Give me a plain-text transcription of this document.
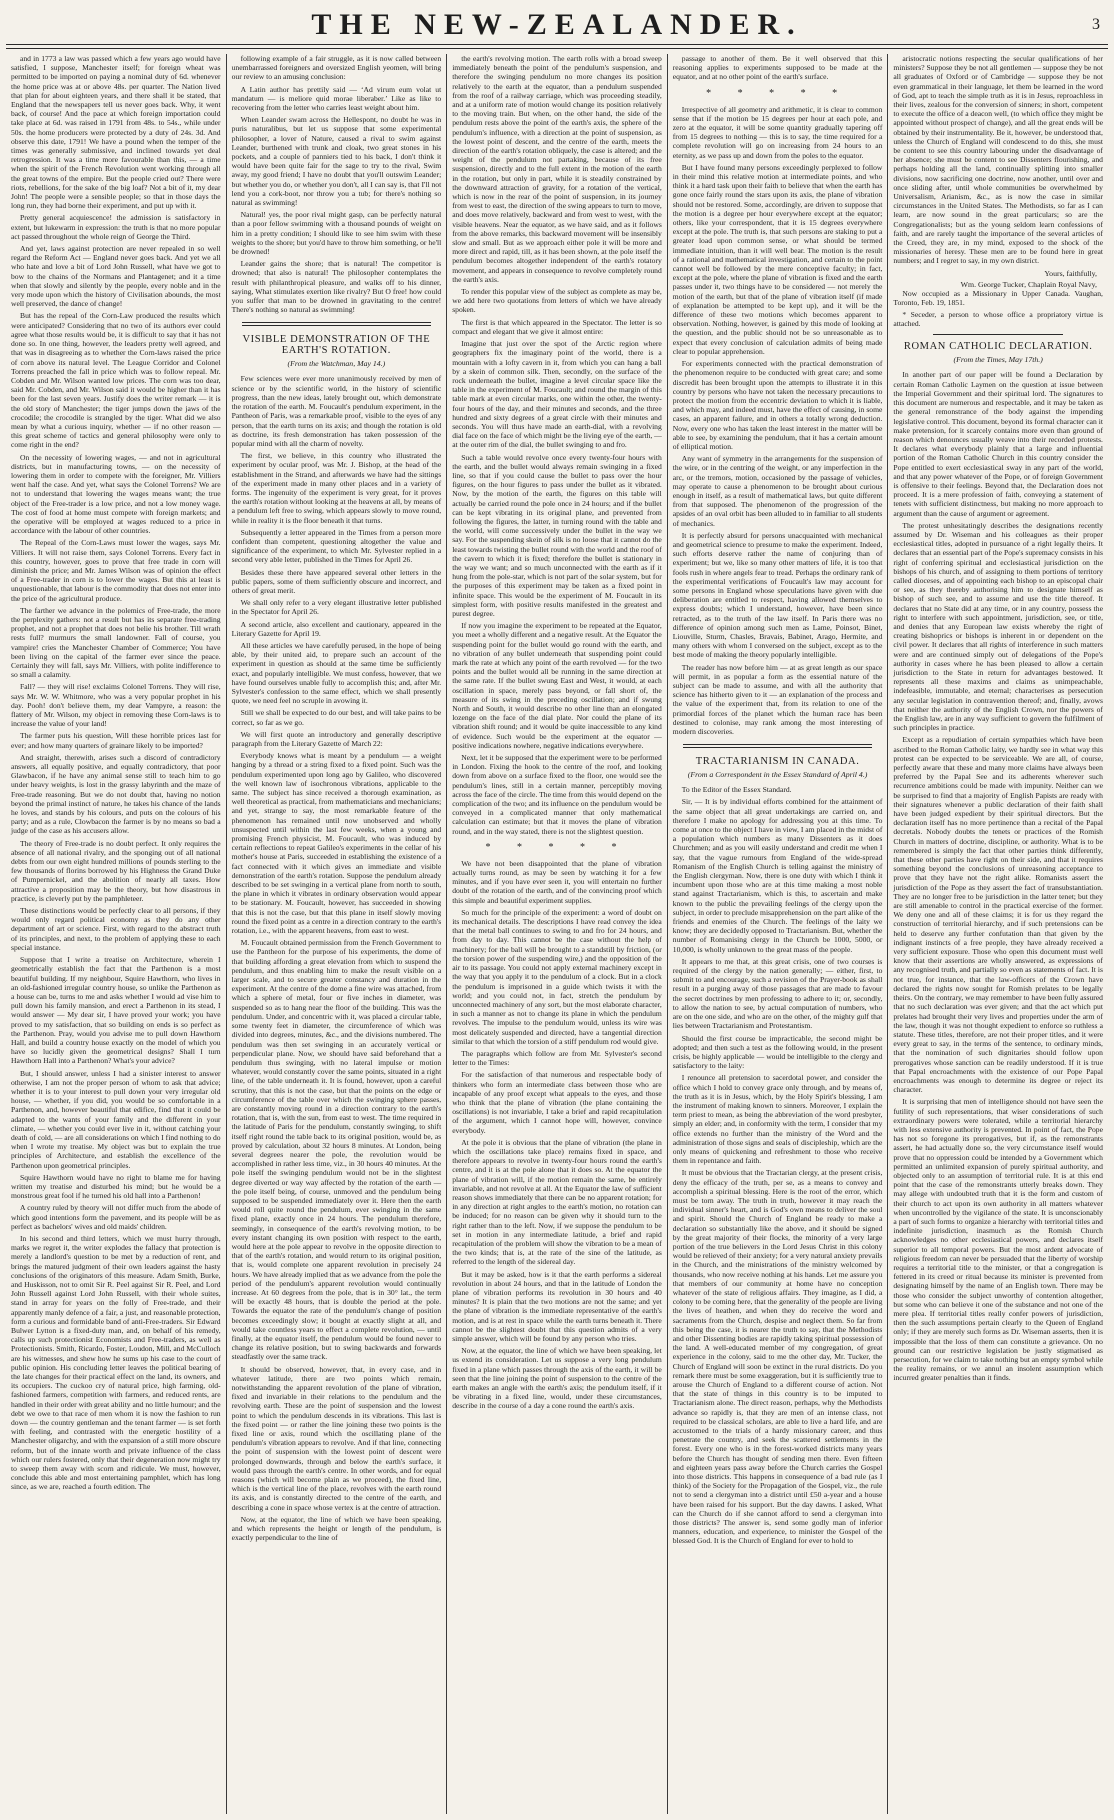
THE NEW-ZEALANDER.	3

and in 1773 a law was passed which a few years ago would have satisfied, I suppose, Manchester itself; for foreign wheat was permitted to be imported on paying a nominal duty of 6d. whenever the home price was at or above 48s. per quarter. The Nation lived that plan for about eighteen years, and there shall it be stated, that England that the newspapers tell us never goes back. Why, it went back, of course! And the pace at which foreign importation could take place at 6d. was raised in 1791 from 48s. to 54s., while under 50s. the home producers were protected by a duty of 24s. 3d. And observe this date, 1791! We have a pound when the temper of the times was generally submissive, and inclined towards yet deal retrogression. It was a time more favourable than this, — a time when the spirit of the French Revolution went working through all the great towns of the empire. But the people cried out? There were riots, rebellions, for the sake of the big loaf? Not a bit of it, my dear John! The people were a sensible people; so that in those days the long run, they had borne their experiment, and put up with it.

Pretty general acquiescence! the admission is satisfactory in extent, but lukewarm in expression: the truth is that no more popular act passed throughout the whole reign of George the Third.

And yet, laws against protection are never repealed in so well regard the Reform Act — England never goes back. And yet we all who hate and love a bit of Lord John Russell, what have we got to bow to the chains of the Normans and Plantagenet; and it a time when that slowly and silently by the people, every noble and in the very mode upon which the history of Civilisation abounds, the most well preserved, the dance of change!

But has the repeal of the Corn-Law produced the results which were anticipated? Considering that no two of its authors ever could agree what those results would be, it is difficult to say that it has not done so. In one thing, however, the leaders pretty well agreed, and that was in disagreeing as to whether the Corn-laws raised the price of corn above its natural level. The League Corridor and Colonel Torrens preached the fall in price which was to follow repeal. Mr. Cobden and Mr. Wilson wanted low prices. The corn was too dear, said Mr. Cobden, and Mr. Wilson said it would be higher than it has been for the last seven years. Justify does the writer remark — it is the old story of Manchester; the tiger jumps down the jaws of the crocodile; the crocodile is strangled by the tiger. What did we also mean by what a curious inquiry, whether — if no other reason — this great scheme of tactics and general philosophy were only to come right in the end?

On the necessity of lowering wages, — and not in agricultural districts, but in manufacturing towns, — on the necessity of lowering them in order to compete with the foreigner, Mr. Villiers went half the case. And yet, what says the Colonel Torrens? We are not to understand that lowering the wages means want; the true object of the Free-trader is a low price, and not a low money wage. The cost of food at home must compete with foreign markets; and the operative will be employed at wages reduced to a price in accordance with the labour of other countries.

The Repeal of the Corn-Laws must lower the wages, says Mr. Villiers. It will not raise them, says Colonel Torrens. Every fact in this country, however, goes to prove that free trade in corn will diminish the price; and Mr. James Wilson was of opinion the effect of a Free-trader in corn is to lower the wages. But this at least is unquestionable, that labour is the commodity that does not enter into the price of the agricultural produce.

The farther we advance in the polemics of Free-trade, the more the perplexity gathers: not a result but has its separate free-trading prophet, and not a prophet that does not belie his brother. Till wrath rests full? murmurs the small landowner. Fall of course, you vampire! cries the Manchester Chamber of Commerce; You have been living on the capital of the farmer ever since the peace. Certainly they will fall, says Mr. Villiers, with polite indifference to so small a calamity.

Fall? — they will rise! exclaims Colonel Torrens. They will rise, says Mr. W. W. Whitmore, who was a very popular prophet in his day. Pooh! don't believe them, my dear Vampyre, a reason: the flattery of Mr. Wilson, my object in removing these Corn-laws is to increase the value of your land!

The farmer puts his question, Will these horrible prices last for ever; and how many quarters of grainare likely to be imported?

And straight, therewith, arises such a discord of contradictory answers, all equally positive, and equally contradictory, that poor Glawbacon, if he have any animal sense still to teach him to go under heavy weights, is lost in the grassy labyrinth and the maze of Free-trade reasoning. But we do not doubt that, having no notion beyond the primal instinct of nature, he takes his chance of the lands he loves, and stands by his colours, and puts on the colours of his party; and as a rule, Clowbacon the farmer is by no means so bad a judge of the case as his accusers allow.

The theory of Free-trade is no doubt perfect. It only requires the absence of all national rivalry, and the sponging out of all national debts from our own eight hundred millions of pounds sterling to the few thousands of florins borrowed by his Highness the Grand Duke of Pumpernickel, and the abolition of nearly all taxes. How attractive a proposition may be the theory, but how disastrous in practice, is cleverly put by the pamphleteer.

These distinctions would be perfectly clear to all persons, if they would only regard political economy as they do any other department of art or science. First, with regard to the abstract truth of its principles, and next, to the problem of applying these to each special instance.

Suppose that I write a treatise on Architecture, wherein I geometrically establish the fact that the Parthenon is a most beautiful building. If my neighbour, Squire Hawthorn, who lives in an old-fashioned irregular country house, so unlike the Parthenon as a house can be, turns to me and asks whether I would ad vise him to pull down his family mansion, and erect a Parthenon in its stead, I would answer — My dear sir, I have proved your work; you have proved to my satisfaction, that so building on ends is so perfect as the Parthenon. Pray, would you advise me to pull down Hawthorn Hall, and build a country house exactly on the model of which you have so lucidly given the geometrical designs? Shall I turn Hawthorn Hall into a Parthenon? What's your advice?

But, I should answer, unless I had a sinister interest to answer otherwise, I am not the proper person of whom to ask that advice; whether it is to your interest to pull down your very irregular old house, — whether, if you did, you would be so comfortable in a Parthenon, and, however beautiful that edifice, find that it could be adapted to the wants of your family and the different in your climate, — whether you could ever live in it, without catching your death of cold, — are all considerations on which I find nothing to do when I wrote my treatise. My object was but to explain the true principles of Architecture, and establish the excellence of the Parthenon upon geometrical principles.

Squire Hawthorn would have no right to blame me for having written my treatise and disturbed his mind; but he would be a monstrous great fool if he turned his old hall into a Parthenon!

A country ruled by theory will not differ much from the abode of which good intentions form the pavement, and its people will be as perfect as bachelors' wives and old maids' children.

In his second and third letters, which we must hurry through, marks we regret it, the writer explodes the fallacy that protection is merely a landlord's question to be met by a reduction of rent, and brings the matured judgment of their own leaders against the hasty conclusions of the originators of this measure. Adam Smith, Burke, and Huskisson, not to omit Sir R. Peel against Sir R. Peel, and Lord John Russell against Lord John Russell, with their whole suites, stand in array for years on the folly of Free-trade, and their apparently manly defence of a fair, a just, and reasonable protection, form a curious and formidable band of anti-Free-traders. Sir Edward Bulwer Lytton is a fixed-duty man, and, on behalf of his remedy, calls up such protectionist Economists and Free-traders, as well as Protectionists. Smith, Ricardo, Foster, Loudon, Mill, and McCulloch are his witnesses, and shew how he sums up his case to the court of public opinion. His concluding letter leaves the political bearing of the late changes for their practical effect on the land, its owners, and its occupiers. The cuckoo cry of natural price, high farming, old-fashioned farmers, competition with farmers, and reduced rents, are handled in their order with great ability and no little humour; and the debt we owe to that race of men whom it is now the fashion to run down — the country gentleman and the tenant farmer — is set forth with feeling, and contrasted with the energetic hostility of a Manchester oligarchy, and with the expansion of a still more obscure reform, but of the innate worth and private influence of the class which our rulers fostered, only that their degeneration now might try to sweep them away with scorn and ridicule. We must, however, conclude this able and most entertaining pamphlet, which has long since, as we are, reached a fourth edition. The

following example of a fair struggle, as it is now called between unembarrassed foreigners and oversized English yeomen, will bring our review to an amusing conclusion:

A Latin author has prettily said — ‘Ad virum eum volat ut mandatum — is meliore quid morae liberaber.’ Like as like to recovering from the letter who carries least weight about him.

When Leander swam across the Hellespont, no doubt he was in puris naturalibus, but let us suppose that some experimental philosopher, a lover of Nature, caused a rival to swim against Leander, burthened with trunk and cloak, two great stones in his pockets, and a couple of panniers tied to his back, I don't think it would have been quite fair for the sage to try to the rival, Swim away, my good friend; I have no doubt that you'll outswim Leander; but whether you do, or whether you don't, all I can say is, that I'll not lend you a cork-boot, nor throw you a tub; for there's nothing so natural as swimming!

Natural! yes, the poor rival might gasp, can be perfectly natural than a poor fellow swimming with a thousand pounds of weight on him in a pretty condition; I should like to see him swim with these weights to the shore; but you'd have to throw him something, or he'll be drowned!

Leander gains the shore; that is natural! The competitor is drowned; that also is natural! The philosopher contemplates the result with philanthropical pleasure, and walks off to his dinner, saying, What stimulates exertion like rivalry? But O free! how could you suffer that man to be drowned in gravitating to the centre! There's nothing so natural as swimming!

VISIBLE DEMONSTRATION OF THE EARTH'S ROTATION.
(From the Watchman, May 14.)

Few sciences were ever more unanimously received by men of science or by the scientific world, in the history of scientific progress, than the new ideas, lately brought out, which demonstrate the rotation of the earth. M. Foucault's pendulum experiment, in the Pantheon of Paris, was a remarkable proof, visible to the eyes of any person, that the earth turns on its axis; and though the rotation is old as doctrine, its fresh demonstration has taken possession of the popular mind with all the charm of novelty.

The first, we believe, in this country who illustrated the experiment by ocular proof, was Mr. J. Bishop, at the head of the establishment in the Strand, and afterwards we have had the sittings of the experiment made in many other places and in a variety of forms. The ingenuity of the experiment is very great, for it proves the earth's rotation without looking at the heavens at all, by means of a pendulum left free to swing, which appears slowly to move round, while in reality it is the floor beneath it that turns.

Subsequently a letter appeared in the Times from a person more confident than competent, questioning altogether the value and significance of the experiment, to which Mr. Sylvester replied in a second very able letter, published in the Times for April 26.

Besides these there have appeared several other letters in the public papers, some of them sufficiently obscure and incorrect, and others of great merit.

We shall only refer to a very elegant illustrative letter published in the Spectator for April 26.

A second article, also excellent and cautionary, appeared in the Literary Gazette for April 19.

All these articles we have carefully perused, in the hope of being able, by their united aid, to prepare such an account of the experiment in question as should at the same time be sufficiently exact, and popularly intelligible. We must confess, however, that we have found ourselves unable fully to accomplish this; and, after Mr. Sylvester's confession to the same effect, which we shall presently quote, we need feel no scruple in avowing it.

Still we shall be expected to do our best, and will take pains to be correct, so far as we go.

We will first quote an introductory and generally descriptive paragraph from the Literary Gazette of March 22:

Everybody knows what is meant by a pendulum — a weight hanging by a thread or a string fixed to a fixed point. Such was the pendulum experimented upon long ago by Galileo, who discovered the well known law of isochronous vibrations, applicable to the same. The subject has since received a thorough examination, as well theoretical as practical, from mathematicians and mechanicians; and yet, strange to say, the most remarkable feature of the phenomenon has remained until now unobserved and wholly unsuspected until within the last few weeks, when a young and promising French physicist, M. Foucault, who was induced by certain reflections to repeat Galileo's experiments in the cellar of his mother's house at Paris, succeeded in establishing the existence of a fact connected with it which gives an immediate and visible demonstration of the earth's rotation. Suppose the pendulum already described to be set swinging in a vertical plane from north to south, the plane in which it vibrates in ordinary observation would appear to be stationary. M. Foucault, however, has succeeded in showing that this is not the case, but that this plane in itself slowly moving round the fixed point as a centre in a direction contrary to the earth's rotation, i.e., with the apparent heavens, from east to west.

M. Foucault obtained permission from the French Government to use the Pantheon for the purpose of his experiments, the dome of that building affording a great elevation from which to suspend the pendulum, and thus enabling him to make the result visible on a larger scale, and to secure greater constancy and duration in the experiment. At the centre of the dome a fine wire was attached, from which a sphere of metal, four or five inches in diameter, was suspended so as to hang near the floor of the building. This was the pendulum. Under, and concentric with it, was placed a circular table, some twenty feet in diameter, the circumference of which was divided into degrees, minutes, &c., and the divisions numbered. The pendulum was then set swinging in an accurately vertical or perpendicular plane. Now, we should have said beforehand that a pendulum thus swinging, with no lateral impulse or motion whatever, would constantly cover the same points, situated in a right line, of the table underneath it. It is found, however, upon a careful scrutiny, that this is not the case, but that the points on the edge or circumference of the table over which the swinging sphere passes, are constantly moving round in a direction contrary to the earth's rotation, that is, with the sun, from east to west. The time required in the latitude of Paris for the pendulum, constantly swinging, to shift itself right round the table back to its original position, would be, as proved by calculation, about 32 hours 8 minutes. At London, being several degrees nearer the pole, the revolution would be accomplished in rather less time, viz., in 30 hours 40 minutes. At the pole itself the swinging pendulum would not be in the slightest degree diverted or way way affected by the rotation of the earth — the pole itself being, of course, unmoved and the pendulum being supposed to be suspended immediately over it. Here then the earth would roll quite round the pendulum, ever swinging in the same fixed plane, exactly once in 24 hours. The pendulum therefore, seemingly, in consequence of the earth's revolving motion, to be every instant changing its own position with respect to the earth, would here at the pole appear to revolve in the opposite direction to that of the earth's rotation, and would return to its original position, that is, would complete one apparent revolution in precisely 24 hours. We have already implied that as we advance from the pole the period of the pendulum's apparent revolution would continually increase. At 60 degrees from the pole, that is in 30° lat., the term will be exactly 48 hours, that is double the period at the pole. Towards the equator the rate of the pendulum's change of position becomes exceedingly slow; it bought at exactly slight at all, and would take countless years to effect a complete revolution, — until finally, at the equator itself, the pendulum would be found never to change its relative position, but to swing backwards and forwards steadfastly over the same track.

It should be observed, however, that, in every case, and in whatever latitude, there are two points which remain, notwithstanding the apparent revolution of the plane of vibration, fixed and invariable in their relations to the pendulum and the revolving earth. These are the point of suspension and the lowest point to which the pendulum descends in its vibrations. This last is the fixed point — or rather the line joining these two points is the fixed line or axis, round which the oscillating plane of the pendulum's vibration appears to revolve. And if that line, connecting the point of suspension with the lowest point of descent were prolonged downwards, through and below the earth's surface, it would pass through the earth's centre. In other words, and for equal reasons (which will become plain as we proceed), the fixed line, which is the vertical line of the place, revolves with the earth round its axis, and is constantly directed to the centre of the earth, and describing a cone in space whose vertex is at the centre of attraction.

Now, at the equator, the line of which we have been speaking, and which represents the height or length of the pendulum, is exactly perpendicular to the line of

the earth's revolving motion. The earth rolls with a broad sweep immediately beneath the point of the pendulum's suspension, and therefore the swinging pendulum no more changes its position relatively to the earth at the equator, than a pendulum suspended from the roof of a railway carriage, which was proceeding steadily, and at a uniform rate of motion would change its position relatively to the moving train. But when, on the other hand, the side of the pendulum rests above the point of the earth's axis, the sphere of the pendulum's influence, with a direction at the point of suspension, as the lowest point of descent, and the centre of the earth, meets the direction of the earth's rotation obliquely, the case is altered; and the weight of the pendulum not partaking, because of its free suspension, directly and to the full extent in the motion of the earth in the rotation, but only in part, while it is steadily constrained by the downward attraction of gravity, for a rotation of the vertical, which is now in the rear of the point of suspension, in its journey from west to east, the direction of the swing appears to turn to move, and does move relatively, backward and from west to west, with the visible heavens. Near the equator, as we have said, and as it follows from the above remarks, this backward movement will be insensibly slow and small. But as we approach either pole it will be more and more direct and rapid, till, as it has been shown, at the pole itself the pendulum becomes altogether independent of the earth's rotatory movement, and appears in consequence to revolve completely round the earth's axis.

To render this popular view of the subject as complete as may be, we add here two quotations from letters of which we have already spoken.

The first is that which appeared in the Spectator. The letter is so compact and elegant that we give it almost entire:

Imagine that just over the spot of the Arctic region where geographers fix the imaginary point of the world, there is a mountain with a lofty cavern in it, from which you can hang a ball by a skein of common silk. Then, secondly, on the surface of the rock underneath the bullet, imagine a level circular space like the table in the experiment of M. Foucault; and round the margin of this table mark at even circular marks, one within the other, the twenty-four hours of the day, and their minutes and seconds, and the three hundred and sixty degrees of a great circle with their minutes and seconds. You will thus have made an earth-dial, with a revolving dial face on the face of which might be the living eye of the earth, — at the outer rim of the dial, the bullet swinging to and fro.

Such a table would revolve once every twenty-four hours with the earth, and the bullet would always remain swinging in a fixed line, so that if you could cause the bullet to pass over the hour figures, on the hour figures to pass under the bullet as it vibrated. Now, by the motion of the earth, the figures on this table will actually be carried round the pole once in 24 hours; and if the bullet can be kept vibrating in its original plane, and prevented from following the figures, the latter, in turning round with the table and the world, will come successively under the bullet in the way we say. For the suspending skein of silk is no loose that it cannot do the least towards twisting the bullet round with the world and the roof of the cavern to which it is fixed; therefore the bullet is stationary in the way we want; and so much unconnected with the earth as if it hung from the pole-star, which is not part of the solar system, but for the purposes of this experiment may be taken as a fixed point in infinite space. This would be the experiment of M. Foucault in its simplest form, with positive results manifested in the greatest and purest degree.

If now you imagine the experiment to be repeated at the Equator, you meet a wholly different and a negative result. At the Equator the suspending point for the bullet would go round with the earth, and no vibration of any bullet underneath that suspending point could mark the rate at which any point of the earth revolved — for the two points and the bullet would all be running in the same direction at the same rate. If the bullet swung East and West, it would, at each oscillation in space, merely pass beyond, or fall short of, the measure of its swing in the preceding oscillation; and if swung North and South, it would describe no other line than an elongated lozenge on the face of the dial plate. Nor could the plane of its vibration shift round; and it would be quite inaccessible to any kind of evidence. Such would be the experiment at the equator — positive indications nowhere, negative indications everywhere.

Next, let it be supposed that the experiment were to be performed in London. Fixing the hook to the centre of the roof, and looking down from above on a surface fixed to the floor, one would see the pendulum's lines, still in a certain manner, perceptibly moving across the face of the circle. The time from this would depend on the complication of the two; and its influence on the pendulum would be conveyed in a complicated manner that only mathematical calculation can estimate; but that it moves the plane of vibration round, and in the way stated, there is not the slightest question.

* * * * *

We have not been disappointed that the plane of vibration actually turns round, as may be seen by watching it for a few minutes, and if you have ever seen it, you will entertain no further doubt of the rotation of the earth, and of the convincing proof which this simple and beautiful experiment supplies.

So much for the principle of the experiment: a word of doubt on its mechanical details. The descriptions I have read convey the idea that the metal ball continues to swing to and fro for 24 hours, and from day to day. This cannot be the case without the help of machinery; for the ball will be brought to a standstill by friction, (or the torsion power of the suspending wire,) and the opposition of the air to its passage. You could not apply external machinery except in the way that you apply it to the pendulum of a clock. But in a clock the pendulum is imprisoned in a guide which twists it with the world; and you could not, in fact, stretch the pendulum by unconnected machinery of any sort, but the most elaborate character, in such a manner as not to change its plane in which the pendulum revolves. The impulse to the pendulum would, unless its wire was most delicately suspended and directed, have a tangential direction similar to that which the torsion of a stiff pendulum rod would give.

The paragraphs which follow are from Mr. Sylvester's second letter to the Times:

For the satisfaction of that numerous and respectable body of thinkers who form an intermediate class between those who are incapable of any proof except what appeals to the eyes, and those who think that the plane of vibration (the plane containing the oscillations) is not invariable, I take a brief and rapid recapitulation of the argument, which I cannot hope will, however, convince everybody.

At the pole it is obvious that the plane of vibration (the plane in which the oscillations take place) remains fixed in space, and therefore appears to revolve in twenty-four hours round the earth's centre, and it is at the pole alone that it does so. At the equator the plane of vibration will, if the motion remain the same, be entirely invariable, and not revolve at all. At the Equator the law of sufficient reason shows immediately that there can be no apparent rotation; for in any direction at right angles to the earth's motion, no rotation can be induced; for no reason can be given why it should turn to the right rather than to the left. Now, if we suppose the pendulum to be set in motion in any intermediate latitude, a brief and rapid recapitulation of the problem will show the vibration to be a mean of the two kinds; that is, at the rate of the sine of the latitude, as referred to the length of the sidereal day.

But it may be asked, how is it that the earth performs a sidereal revolution in about 24 hours, and that in the latitude of London the plane of vibration performs its revolution in 30 hours and 40 minutes? It is plain that the two motions are not the same; and yet the plane of vibration is the immediate representative of the earth's motion, and is at rest in space while the earth turns beneath it. There cannot be the slightest doubt that this question admits of a very simple answer, which will be found by any person who tries.

Now, at the equator, the line of which we have been speaking, let us extend its consideration. Let us suppose a very long pendulum fixed in a plane which passes through the axis of the earth, it will be seen that the line joining the point of suspension to the centre of the earth makes an angle with the earth's axis; the pendulum itself, if it be vibrating in a fixed line, would, under these circumstances, describe in the course of a day a cone round the earth's axis.

passage to another of them. Be it well observed that this reasoning applies to experiments supposed to be made at the equator, and at no other point of the earth's surface.

* * * * *

Irrespective of all geometry and arithmetic, it is clear to common sense that if the motion be 15 degrees per hour at each pole, and zero at the equator, it will be some quantity gradually tapering off from 15 degrees to nothing — this is to say, the time required for a complete revolution will go on increasing from 24 hours to an eternity, as we pass up and down from the poles to the equator.

But I have found many persons exceedingly perplexed to follow in their mind this relative motion at intermediate points, and who think it a hard task upon their faith to believe that when the earth has gone once fairly round the stars upon its axis, the plane of vibration should not be restored. Some, accordingly, are driven to suppose that the motion is a degree per hour everywhere except at the equator; others, like your correspondent, that it is 15 degrees everywhere except at the pole. The truth is, that such persons are staking to put a greater load upon common sense, or what should be termed immediate intuition, than it will well bear. The motion is the result of a rational and mathematical investigation, and certain to the point cannot well be followed by the mere conceptive faculty; in fact, except at the pole, where the plane of vibration is fixed and the earth passes under it, two things have to be considered — not merely the motion of the earth, but that of the plane of vibration itself (if made of explanation be attempted to be kept up), and it will be the difference of these two motions which becomes apparent to observation. Nothing, however, is gained by this mode of looking at the question, and the public should not be so unreasonable as to expect that every conclusion of calculation admits of being made clear to popular apprehension.

For experiments connected with the practical demonstration of the phenomenon require to be conducted with great care; and some discredit has been brought upon the attempts to illustrate it in this country by persons who have not taken the necessary precautions to protect the motion from the eccentric deviation to which it is liable, and which may, and indeed must, have the effect of causing, in some cases, an apparent failure, and in others a totally wrong deduction. Now, every one who has taken the least interest in the matter will be able to see, by examining the pendulum, that it has a certain amount of elliptical motion.

Any want of symmetry in the arrangements for the suspension of the wire, or in the centring of the weight, or any imperfection in the arc, or the tremors, motion, occasioned by the passage of vehicles, may operate to cause a phenomenon to be brought about curious enough in itself, as a result of mathematical laws, but quite different from that supposed. The phenomenon of the progression of the apsides of an oval orbit has been alluded to in familiar to all students of mechanics.

It is perfectly absurd for persons unacquainted with mechanical and geometrical science to presume to make the experiment. Indeed, such efforts deserve rather the name of conjuring than of experiment; but we, like so many other matters of life, it is too that fools rush in where angels fear to tread. Perhaps the ordinary rank of the experimental verifications of Foucault's law may account for some persons in England whose speculations have given with due deliberation are entitled to respect, having allowed themselves to express doubts; which I understand, however, have been since retracted, as to the truth of the law itself. In Paris there was no difference of opinion among such men as Lame, Poinsot, Binet, Liouville, Sturm, Chasles, Bravais, Babinet, Arago, Hermite, and many others with whom I conversed on the subject, except as to the best mode of making the theory popularly intelligible.

The reader has now before him — at as great length as our space will permit, in as popular a form as the essential nature of the subject can be made to assume, and with all the authority that science has hitherto given to it — an explanation of the process and the value of the experiment that, from its relation to one of the primordial forces of the planet which the human race has been destined to colonise, may rank among the most interesting of modern discoveries.

TRACTARIANISM IN CANADA.
(From a Correspondent in the Essex Standard of April 4.)

To the Editor of the Essex Standard.

Sir, — It is by individual efforts combined for the attainment of the same object that all great undertakings are carried on, and therefore I make no apology for addressing you at this time. To come at once to the object I have in view, I am placed in the midst of a population which numbers as many Dissenters as it does Churchmen; and as you will easily understand and credit me when I say, that the vague rumours from England of the wide-spread Romanism of the English Church is telling against the ministry of the English clergyman. Now, there is one duty with which I think it incumbent upon those who are at this time making a most noble stand against Tractarianism, which is this, to ascertain and make known to the public the prevailing feelings of the clergy upon the subject, in order to preclude misapprehension on the part alike of the friends and enemies of the Church. The feelings of the laity we know; they are decidedly opposed to Tractarianism. But, whether the number of Romanising clergy in the Church be 1000, 5000, or 10,000, is wholly unknown to the great mass of the people.

It appears to me that, at this great crisis, one of two courses is required of the clergy by the nation generally; — either, first, to submit to and encourage, such a revision of the Prayer-book as shall result in a purging away of those passages that are made to favour the secret doctrines by men professing to adhere to it; or, secondly, to allow the nation to see, by actual computation of numbers, who are on the one side, and who are on the other, of the mighty gulf that lies between Tractarianism and Protestantism.

Should the first course be impracticable, the second might be adopted; and then such a test as the following would, in the present crisis, be highly applicable — would be intelligible to the clergy and satisfactory to the laity:

I renounce all pretension to sacerdotal power, and consider the office which I hold to convey grace only through, and by means of, the truth as it is in Jesus, which, by the Holy Spirit's blessing, I am the instrument of making known to sinners. Moreover, I explain the term priest to mean, as being the abbreviation of the word presbyter, simply an elder; and, in conformity with the term, I consider that my office extends no further than the ministry of the Word and the administration of those signs and seals of discipleship, which are the only means of quickening and refreshment to those who receive them in repentance and faith.

It must be obvious that the Tractarian clergy, at the present crisis, deny the efficacy of the truth, per se, as a means to convey and accomplish a spiritual blessing. Here is the root of the error, which must be torn away. The truth in truth, however it may reach the individual sinner's heart, and is God's own means to deliver the soul and spirit. Should the Church of England be ready to make a declaration so substantially like the above, and it should be signed by the great majority of their flocks, the minority of a very large portion of the true believers in the Lord Jesus Christ in this colony would be relieved of their anxiety; for a very natural anxiety prevails in the Church, and the ministrations of the ministry welcomed by thousands, who now receive nothing at his hands. Let me assure you that members of our community at home have no conception whatever of the state of religious affairs. They imagine, as I did, a colony to be coming here, that the generality of the people are living the lives of heathen, and when they do receive the word and sacraments from the Church, despise and neglect them. So far from this being the case, it is nearer the truth to say, that the Methodists and other Dissenting bodies are rapidly taking spiritual possession of the land. A well-educated member of my congregation, of great experience in the colony, said to me the other day, Mr. Tucker, the Church of England will soon be extinct in the rural districts. Do you remark there must be some exaggeration, but it is sufficiently true to arouse the Church of England to a different course of action. Not that the state of things in this country is to be imputed to Tractarianism alone. The direct reason, perhaps, why the Methodists advance so rapidly is, that they are men of an intense class, not required to be classical scholars, are able to live a hard life, and are accustomed to the trials of a hardy missionary career, and thus penetrate the country, and seek the scattered settlements in the forest. Every one who is in the forest-worked districts many years before the Church has thought of sending men there. Even fifteen and eighteen years pass away before the Church carries the Gospel into those districts. This happens in consequence of a bad rule (as I think) of the Society for the Propagation of the Gospel, viz., the rule not to send a clergyman into a district until £50 a-year and a house have been raised for his support. But the day dawns. I asked, What can the Church do if she cannot afford to send a clergyman into those districts? The answer is, send some godly man of inferior manners, education, and experience, to minister the Gospel of the blessed God. It is the Church of England for ever to hold to

aristocratic notions respecting the secular qualifications of her ministers? Suppose they be not all gentlemen — suppose they be not all graduates of Oxford or of Cambridge — suppose they be not even grammatical in their language, let them be learned in the word of God, apt to teach the simple truth as it is in Jesus, reproachless in their lives, zealous for the conversion of sinners; in short, competent to execute the office of a deacon well, (to which office they might be appointed without prospect of change), and all the great ends will be obtained by their instrumentality. Be it, however, be understood that, unless the Church of England will condescend to do this, she must be content to see this country labouring under the disadvantage of her absence; she must be content to see Dissenters flourishing, and perhaps holding all the land, continually splitting into smaller divisions, now sacrificing one doctrine, now another, until over and once sliding after, until whole communities be overwhelmed by Universalism, Arianism, &c., as is now the case in similar circumstances in the United States. The Methodists, so far as I can learn, are now sound in the great particulars; so are the Congregationalists; but as the young seldom learn confessions of faith, and are rarely taught the importance of the several articles of the Creed, they are, in my mind, exposed to the shock of the missionaries of heresy. These men are to be found here in great numbers; and I regret to say, in my own district.

Yours, faithfully,
Wm. George Tucker, Chaplain Royal Navy,

Now occupied as a Missionary in Upper Canada. Vaughan, Toronto, Feb. 19, 1851.

* Seceder, a person to whose office a propriatory virtue is attached.

ROMAN CATHOLIC DECLARATION.
(From the Times, May 17th.)

In another part of our paper will be found a Declaration by certain Roman Catholic Laymen on the question at issue between the Imperial Government and their spiritual lord. The signatures to this document are numerous and respectable, and it may be taken as the general remonstrance of the body against the impending legislative control. This document, beyond its formal character can it make pretension, for it scarcely contains more even than ground of reason which denounces usually weave into their recorded protests. It declares what everybody plainly that a large and influential portion of the Roman Catholic Church in this country consider the Pope entitled to exert ecclesiastical sway in any part of the world, and that any power whatever of the Pope, or of foreign Government is offensive to their feelings. Beyond that, the Declaration does not proceed. It is a mere profession of faith, conveying a statement of tenets with sufficient distinctness, but making no more approach to argument than the cause of argument or agreement.

The protest unhesitatingly describes the designations recently assumed by Dr. Wiseman and his colleagues as their proper ecclesiastical titles, adopted in pursuance of a right legally theirs. It declares that an essential part of the Pope's supremacy consists in his right of conferring spiritual and ecclesiastical jurisdiction on the bishops of his church, and of assigning to them portions of territory called dioceses, and of appointing each bishop to an episcopal chair or see, as they thereby authorising him to designate himself as bishop of such see, and to assume and use the title thereof. It declares that no State did at any time, or in any country, possess the right to interfere with such appointment, jurisdiction, see, or title, and denies that any European law exists whereby the right of creating bishoprics or bishops is inherent in or dependent on the civil power. It declares that all rights of interference in such matters were and are continued simply out of delegations of the Pope's authority in cases where he has been pleased to allow a certain jurisdiction to the State in return for advantages bestowed. It represents all these maxims and claims as unimpeachable, indefeasible, immutable, and eternal; characterises as persecution any secular legislation in contravention thereof; and, finally, avows that neither the authority of the English Crown, nor the powers of the English law, are in any way sufficient to govern the fulfilment of such principles in practice.

Except as a repudiation of certain sympathies which have been ascribed to the Roman Catholic laity, we hardly see in what way this protest can be expected to be serviceable. We are all, of course, perfectly aware that these and many more claims have always been preferred by the Papal See and its adherents wherever such recurrence ambitions could be made with impunity. Neither can we be surprised to find that a majority of English Papists are ready with their signatures whenever a public declaration of their faith shall have been judged expedient by their spiritual directors. But the declaration itself has no more pertinence than a recital of the Papal decretals. Nobody doubts the tenets or practices of the Romish Church in matters of doctrine, discipline, or authority. What is to be remembered is simply the fact that other parties think differently, that these other parties have right on their side, and that it requires something beyond the conclusions of unreasoning acceptance to prove that they have not the right alike. Romanists assert the jurisdiction of the Pope as they assert the fact of transubstantiation. They are no longer free to be jurisdiction in the latter tenet; but they are still amenable to control in the practical exercise of the former. We deny one and all of these claims; it is for us they regard the construction of territorial hierarchy, and if such pretensions can be held to deserve any further confutation than that given by the indignant instincts of a free people, they have already received a very sufficient exposure. Those who open this document must well know that their assertions are wholly answered, as expressions of any recognised truth, and partially so even as statements of fact. It is not true, for instance, that the law-officers of the Crown have declared the rights now sought for Romish prelates to be legally theirs. On the contrary, we may remember to have been fully assured that no such declaration was ever given; and that the act which put prelates had brought their very lives and properties under the arm of the law, though it was not thought expedient to enforce so ruthless a statute. These titles, therefore, are not their proper titles, and it were every great to say, in the terms of the sentence, to ordinary minds, that the nomination of such dignitaries should follow upon prerogatives whose sanction can be readily understood. If it is true that Papal encroachments with the existence of our Pope Papal encroachments was enough to determine its degree or reject its character.

It is surprising that men of intelligence should not have seen the futility of such representations, that wiser considerations of such extraordinary powers were tolerated, while a territorial hierarchy with less extensive authority is prevented. In point of fact, the Pope has not so foregone its prerogatives, but if, as the remonstrants assert, he had actually done so, the very circumstance itself would prove that no oppression could be intended by a Government which permitted an unlimited expansion of purely spiritual authority, and objected only to an assumption of territorial rule. It is at this end point that the case of the remonstrants utterly breaks down. They may allege with undoubted truth that it is the form and custom of their church to act upon its own authority in all matters whatever when uncontrolled by the vigilance of the state. It is unconscionably a part of such forms to organize a hierarchy with territorial titles and indefinite jurisdiction, inasmuch as the Romish Church acknowledges no other ecclesiastical powers, and declares itself superior to all temporal powers. But the most ardent advocate of religious freedom can never be persuaded that the liberty of worship requires a territorial title to the minister, or that a congregation is fettered in its creed or ritual because its minister is prevented from designating himself by the name of an English town. There may be those who consider the subject unworthy of contention altogether, but some who can believe it one of the substance and not one of the mere plea. If territorial titles really confer powers of jurisdiction, then the such assumptions pertain clearly to the Queen of England only; if they are merely such forms as Dr. Wiseman asserts, then it is impossible that the loss of them can constitute a grievance. On no ground can our restrictive legislation be justly stigmatised as persecution, for we claim to take nothing but an empty symbol while the reality remains, or we annul an insolent assumption which incurred greater penalties than it finds.
